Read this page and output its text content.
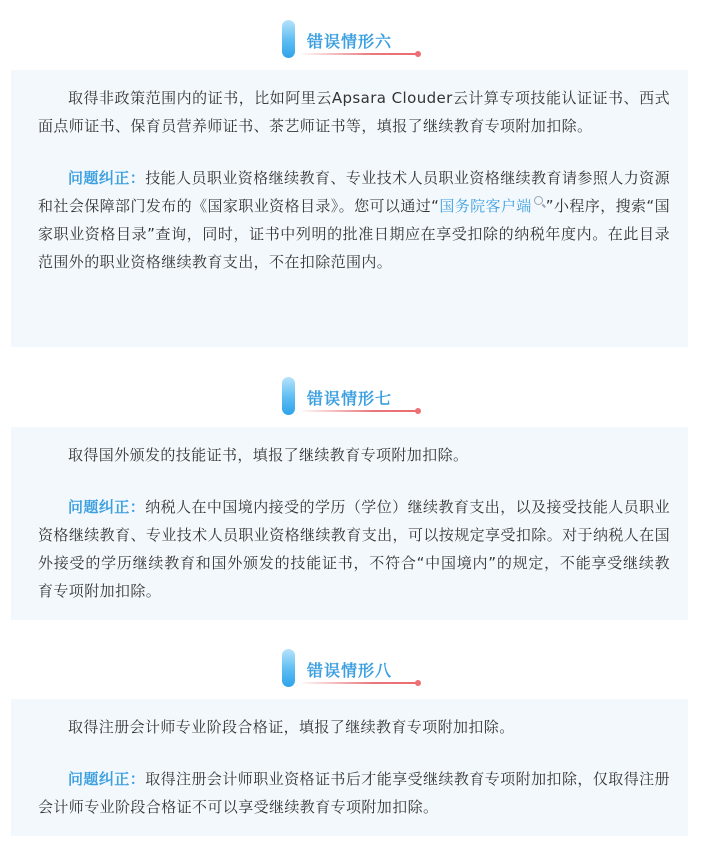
错误情形六

取得非政策范围内的证书，比如阿里云Apsara Clouder云计算专项技能认证证书、西式面点师证书、保育员营养师证书、茶艺师证书等，填报了继续教育专项附加扣除。

问题纠正：技能人员职业资格继续教育、专业技术人员职业资格继续教育请参照人力资源和社会保障部门发布的《国家职业资格目录》。您可以通过“国务院客户端 ”小程序，搜索“国家职业资格目录”查询，同时，证书中列明的批准日期应在享受扣除的纳税年度内。在此目录范围外的职业资格继续教育支出，不在扣除范围内。

错误情形七

取得国外颁发的技能证书，填报了继续教育专项附加扣除。

问题纠正：纳税人在中国境内接受的学历（学位）继续教育支出，以及接受技能人员职业资格继续教育、专业技术人员职业资格继续教育支出，可以按规定享受扣除。对于纳税人在国外接受的学历继续教育和国外颁发的技能证书，不符合“中国境内”的规定，不能享受继续教育专项附加扣除。

错误情形八

取得注册会计师专业阶段合格证，填报了继续教育专项附加扣除。

问题纠正：取得注册会计师职业资格证书后才能享受继续教育专项附加扣除，仅取得注册会计师专业阶段合格证不可以享受继续教育专项附加扣除。
